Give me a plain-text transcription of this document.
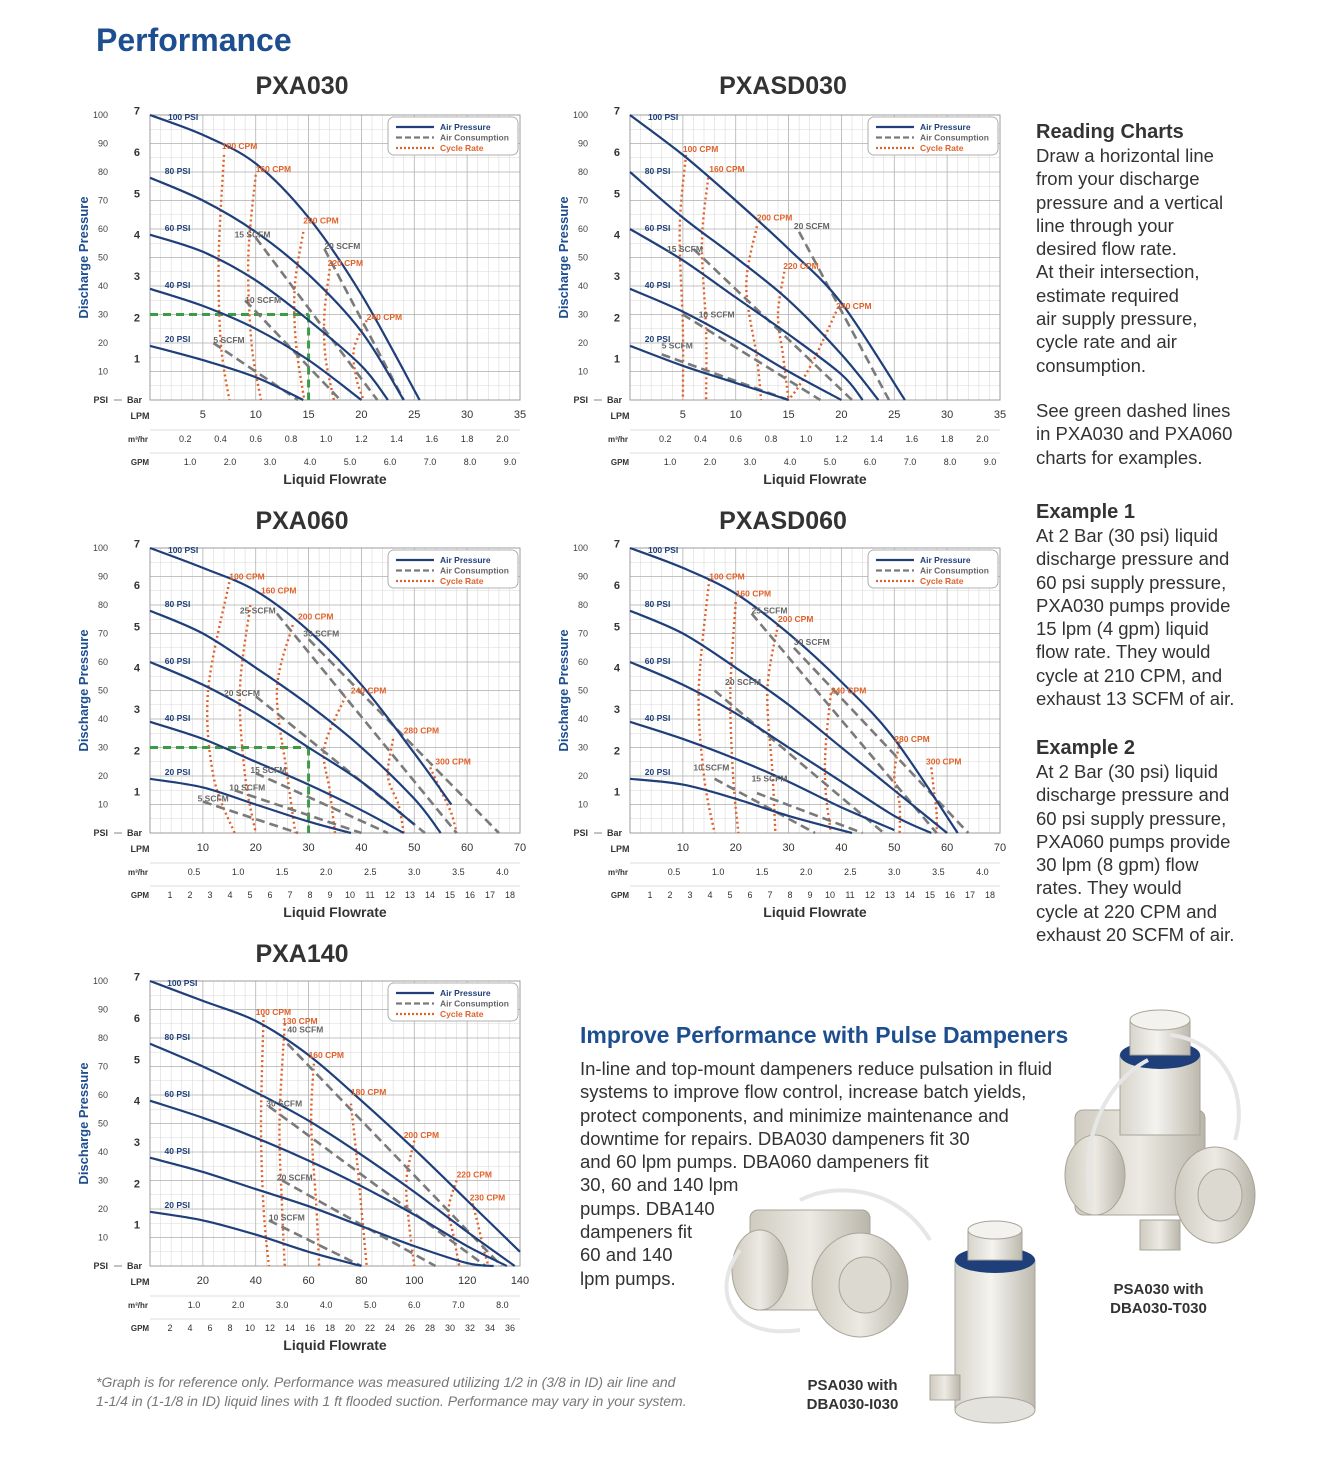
Performance
PXA030	PXASD030
PXA060	PXASD060
PXA140
10
20
30
40
50
60
70
80
90
100
1
2
3
4
5
6
7
PSI Bar
Discharge Pressure
LPM	5	10	15	20	25	30	35
m³/hr	0.2	0.4	0.6	0.8	1.0	1.2	1.4	1.6	1.8	2.0
GPM	1.0	2.0	3.0	4.0	5.0	6.0	7.0	8.0	9.0
Liquid Flowrate
100 CPM
160 CPM
200 CPM
220 CPM
240 CPM
5 SCFM
10 SCFM
15 SCFM
20 SCFM
100 PSI
80 PSI
60 PSI
40 PSI
20 PSI
Air Pressure
Air Consumption
Cycle Rate
10
20
30
40
50
60
70
80
90
100
1
2
3
4
5
6
7
PSI Bar
Discharge Pressure
LPM	5	10	15	20	25	30	35
m³/hr	0.2	0.4	0.6	0.8	1.0	1.2	1.4	1.6	1.8	2.0
GPM	1.0	2.0	3.0	4.0	5.0	6.0	7.0	8.0	9.0
Liquid Flowrate
100 CPM
160 CPM
200 CPM
220 CPM
240 CPM
5 SCFM
10 SCFM
15 SCFM
20 SCFM
100 PSI
80 PSI
60 PSI
40 PSI
20 PSI
Air Pressure
Air Consumption
Cycle Rate
10
20
30
40
50
60
70
80
90
100
1
2
3
4
5
6
7
PSI Bar
Discharge Pressure
LPM	10	20	30	40	50	60	70
m³/hr	0.5	1.0	1.5	2.0	2.5	3.0	3.5	4.0
GPM 1 2 3 4 5 6 7 8 9 10 11 12 13 14 15 16 17 18
Liquid Flowrate
100 CPM
160 CPM
200 CPM
240 CPM
280 CPM
300 CPM
5 SCFM
10 SCFM
15 SCFM
20 SCFM
25 SCFM
30 SCFM
100 PSI
80 PSI
60 PSI
40 PSI
20 PSI
Air Pressure
Air Consumption
Cycle Rate
10
20
30
40
50
60
70
80
90
100
1
2
3
4
5
6
7
PSI Bar
Discharge Pressure
LPM	10	20	30	40	50	60	70
m³/hr	0.5	1.0	1.5	2.0	2.5	3.0	3.5	4.0
GPM 1 2 3 4 5 6 7 8 9 10 11 12 13 14 15 16 17 18
Liquid Flowrate
100 CPM
160 CPM
200 CPM
240 CPM
280 CPM
300 CPM
10 SCFM
15 SCFM
20 SCFM
25 SCFM
30 SCFM
100 PSI
80 PSI
60 PSI
40 PSI
20 PSI
Air Pressure
Air Consumption
Cycle Rate
10
20
30
40
50
60
70
80
90
100
1
2
3
4
5
6
7
PSI Bar
Discharge Pressure
LPM	20	40	60	80	100	120	140
m³/hr	1.0	2.0	3.0	4.0	5.0	6.0	7.0	8.0
GPM 2 4 6 8 10 12 14 16 18 20 22 24 26 28 30 32 34 36
Liquid Flowrate
100 CPM
130 CPM
160 CPM
180 CPM
200 CPM
220 CPM
230 CPM
10 SCFM
20 SCFM
30 SCFM
40 SCFM
100 PSI
80 PSI
60 PSI
40 PSI
20 PSI
Air Pressure
Air Consumption
Cycle Rate
Reading Charts

Draw a horizontal line

from your discharge

pressure and a vertical

line through your

desired flow rate.

At their intersection,

estimate required

air supply pressure,

cycle rate and air

consumption.

See green dashed lines

in PXA030 and PXA060

charts for examples.

Example 1

At 2 Bar (30 psi) liquid

discharge pressure and

60 psi supply pressure,

PXA030 pumps provide

15 lpm (4 gpm) liquid

flow rate. They would

cycle at 210 CPM, and

exhaust 13 SCFM of air.

Example 2

At 2 Bar (30 psi) liquid

discharge pressure and

60 psi supply pressure,

PXA060 pumps provide

30 lpm (8 gpm) flow

rates. They would

cycle at 220 CPM and

exhaust 20 SCFM of air.

Improve Performance with Pulse Dampeners
In-line and top-mount dampeners reduce pulsation in fluid
systems to improve flow control, increase batch yields,
protect components, and minimize maintenance and
downtime for repairs. DBA030 dampeners fit 30
and 60 lpm pumps. DBA060 dampeners fit
30, 60 and 140 lpm
pumps. DBA140
dampeners fit
60 and 140
lpm pumps.
PSA030 with
DBA030-T030
PSA030 with
DBA030-I030
*Graph is for reference only. Performance was measured utilizing 1/2 in (3/8 in ID) air line and
1-1/4 in (1-1/8 in ID) liquid lines with 1 ft flooded suction. Performance may vary in your system.
